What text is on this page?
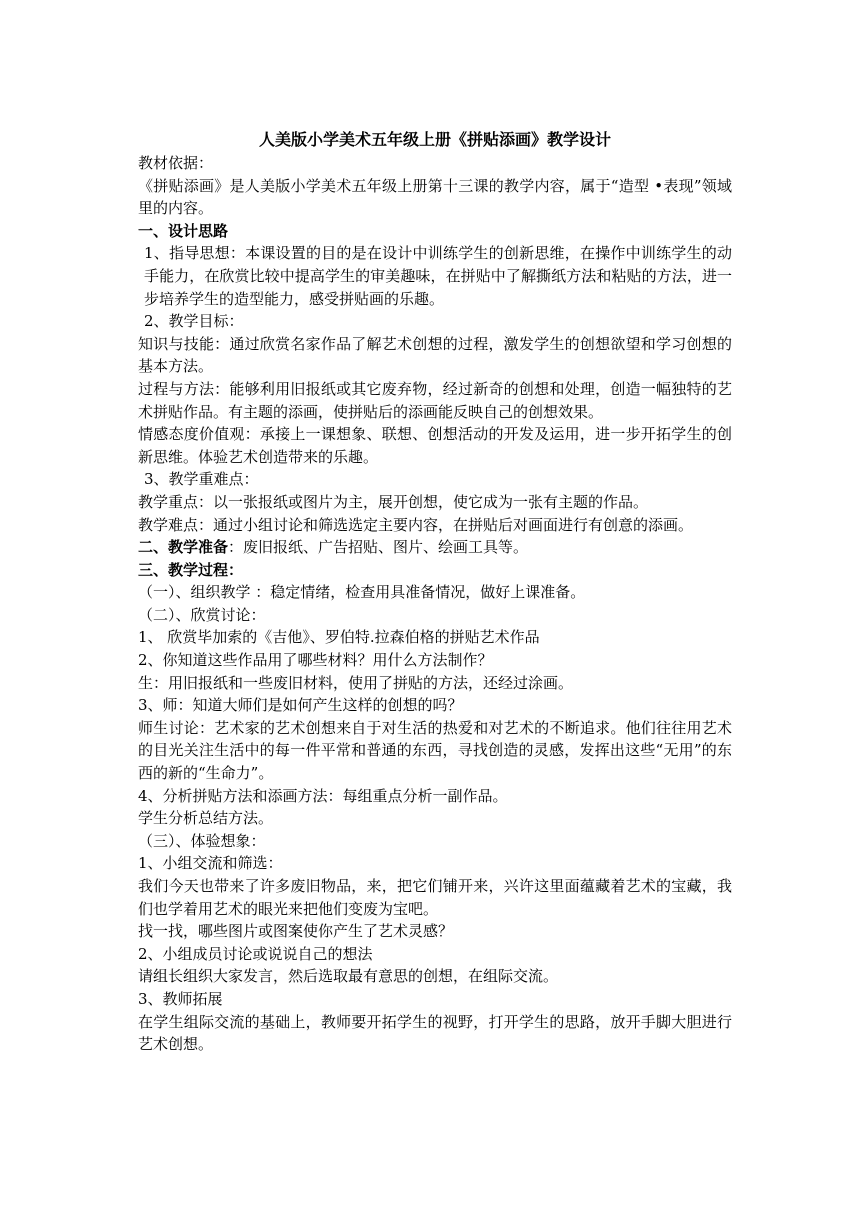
人美版小学美术五年级上册《拼贴添画》教学设计

教材依据：

《拼贴添画》是人美版小学美术五年级上册第十三课的教学内容，属于“造型 •表现”领域里的内容。

一、设计思路

1、指导思想：本课设置的目的是在设计中训练学生的创新思维，在操作中训练学生的动手能力，在欣赏比较中提高学生的审美趣味，在拼贴中了解撕纸方法和粘贴的方法，进一步培养学生的造型能力，感受拼贴画的乐趣。

2、教学目标：

知识与技能：通过欣赏名家作品了解艺术创想的过程，激发学生的创想欲望和学习创想的基本方法。

过程与方法：能够利用旧报纸或其它废弃物，经过新奇的创想和处理，创造一幅独特的艺术拼贴作品。有主题的添画，使拼贴后的添画能反映自己的创想效果。

情感态度价值观：承接上一课想象、联想、创想活动的开发及运用，进一步开拓学生的创新思维。体验艺术创造带来的乐趣。

3、教学重难点：

教学重点：以一张报纸或图片为主，展开创想，使它成为一张有主题的作品。

教学难点：通过小组讨论和筛选选定主要内容，在拼贴后对画面进行有创意的添画。

二、教学准备：废旧报纸、广告招贴、图片、绘画工具等。

三、教学过程：

（一）、组织教学 ：稳定情绪，检查用具准备情况，做好上课准备。

（二）、欣赏讨论：

1、 欣赏毕加索的《吉他》、罗伯特.拉森伯格的拼贴艺术作品

2、你知道这些作品用了哪些材料？用什么方法制作？

生：用旧报纸和一些废旧材料，使用了拼贴的方法，还经过涂画。

3、师：知道大师们是如何产生这样的创想的吗？

师生讨论：艺术家的艺术创想来自于对生活的热爱和对艺术的不断追求。他们往往用艺术的目光关注生活中的每一件平常和普通的东西，寻找创造的灵感，发挥出这些“无用”的东西的新的“生命力”。

4、分析拼贴方法和添画方法：每组重点分析一副作品。

学生分析总结方法。

（三）、体验想象：

1、小组交流和筛选：

我们今天也带来了许多废旧物品，来，把它们铺开来，兴许这里面蕴藏着艺术的宝藏，我们也学着用艺术的眼光来把他们变废为宝吧。

找一找，哪些图片或图案使你产生了艺术灵感？

2、小组成员讨论或说说自己的想法

请组长组织大家发言，然后选取最有意思的创想，在组际交流。

3、教师拓展

在学生组际交流的基础上，教师要开拓学生的视野，打开学生的思路，放开手脚大胆进行艺术创想。
